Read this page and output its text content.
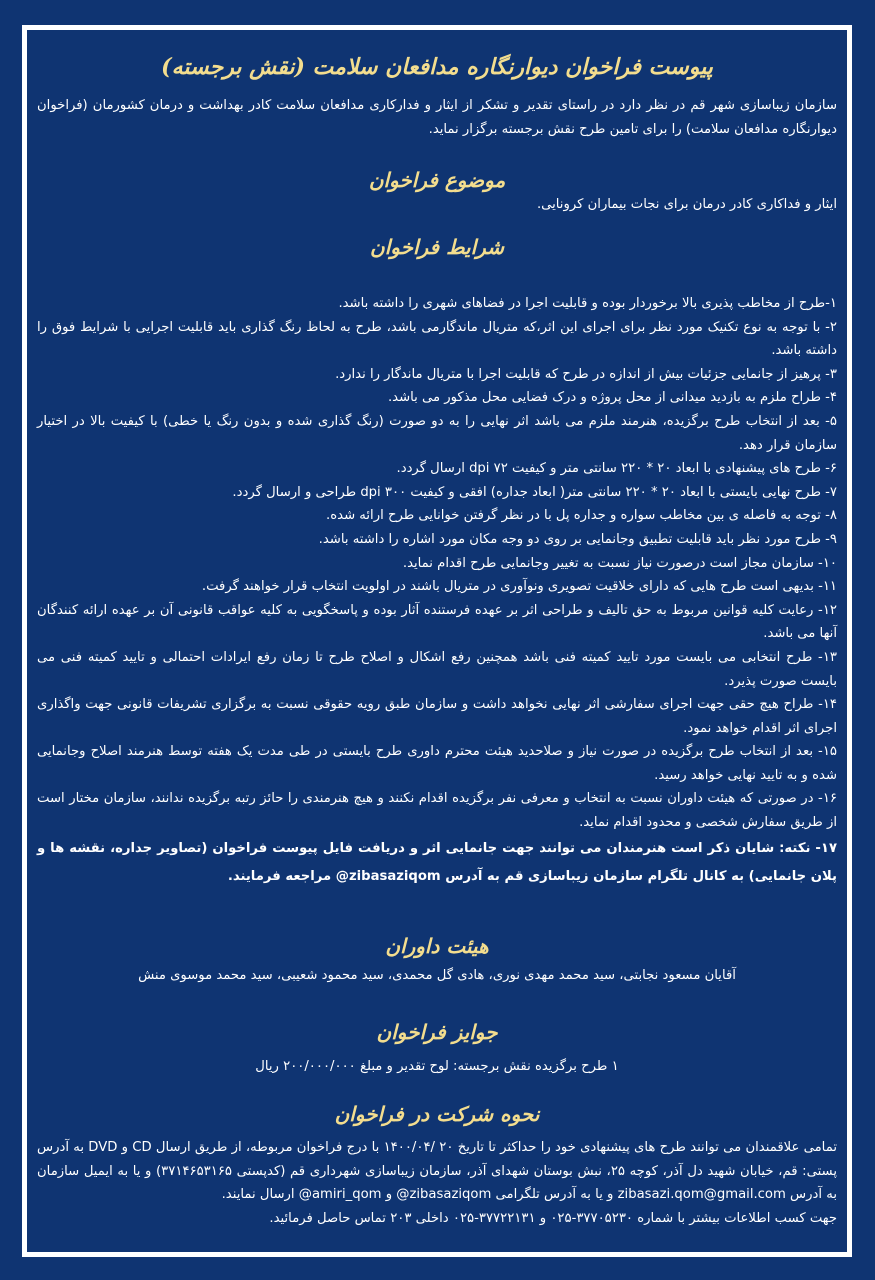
پیوست فراخوان دیوارنگاره مدافعان سلامت (نقش برجسته)

سازمان زیباسازی شهر قم در نظر دارد در راستای تقدیر و تشکر از ایثار و فدارکاری مدافعان سلامت کادر بهداشت و درمان کشورمان (فراخوان دیوارنگاره مدافعان سلامت) را برای تامین طرح نقش برجسته برگزار نماید.

موضوع فراخوان

ایثار و فداکاری کادر درمان برای نجات بیماران کرونایی.

شرایط فراخوان

۱-طرح از مخاطب پذیری بالا برخوردار بوده و قابلیت اجرا در فضاهای شهری را داشته باشد.

۲- با توجه به نوع تکنیک مورد نظر برای اجرای این اثر،که متریال ماندگارمی باشد، طرح به لحاظ رنگ گذاری باید قابلیت اجرایی با شرایط فوق را داشته باشد.

۳- پرهیز از جانمایی جزئیات بیش از اندازه در طرح که قابلیت اجرا با متریال ماندگار را ندارد.

۴- طراح ملزم به بازدید میدانی از محل پروژه و درک فضایی محل مذکور می باشد.

۵- بعد از انتخاب طرح برگزیده، هنرمند ملزم می باشد اثر نهایی را به دو صورت (رنگ گذاری شده و بدون رنگ یا خطی) با کیفیت بالا در اختیار سازمان قرار دهد.

۶- طرح های پیشنهادی با ابعاد ۲۰ * ۲۲۰ سانتی متر و کیفیت dpi ۷۲ ارسال گردد.

۷- طرح نهایی بایستی با ابعاد ۲۰ * ۲۲۰ سانتی متر( ابعاد جداره) افقی و کیفیت dpi ۳۰۰ طراحی و ارسال گردد.

۸- توجه به فاصله ی بین مخاطب سواره و جداره پل با در نظر گرفتن خوانایی طرح ارائه شده.

۹- طرح مورد نظر باید قابلیت تطبیق وجانمایی بر روی دو وجه مکان مورد اشاره را داشته باشد.

۱۰- سازمان مجاز است درصورت نیاز نسبت به تغییر وجانمایی طرح اقدام نماید.

۱۱- بدیهی است طرح هایی که دارای خلاقیت تصویری ونوآوری در متریال باشند در اولویت انتخاب قرار خواهند گرفت.

۱۲- رعایت کلیه قوانین مربوط به حق تالیف و طراحی اثر بر عهده فرستنده آثار بوده و پاسخگویی به کلیه عواقب قانونی آن بر عهده ارائه کنندگان آنها می باشد.

۱۳- طرح انتخابی می بایست مورد تایید کمیته فنی باشد همچنین رفع اشکال و اصلاح طرح تا زمان رفع ایرادات احتمالی و تایید کمیته فنی می بایست صورت پذیرد.

۱۴- طراح هیچ حقی جهت اجرای سفارشی اثر نهایی نخواهد داشت و سازمان طبق رویه حقوقی نسبت به برگزاری تشریفات قانونی جهت واگذاری اجرای اثر اقدام خواهد نمود.

۱۵- بعد از انتخاب طرح برگزیده در صورت نیاز و صلاحدید هیئت محترم داوری طرح بایستی در طی مدت یک هفته توسط هنرمند اصلاح وجانمایی شده و به تایید نهایی خواهد رسید.

۱۶- در صورتی که هیئت داوران نسبت به انتخاب و معرفی نفر برگزیده اقدام نکنند و هیچ هنرمندی را حائز رتبه برگزیده ندانند، سازمان مختار است از طریق سفارش شخصی و محدود اقدام نماید.

۱۷- نکته: شایان ذکر است هنرمندان می توانند جهت جانمایی اثر و دریافت فایل پیوست فراخوان (تصاویر جداره، نقشه ها و پلان جانمایی) به کانال تلگرام سازمان زیباسازی قم به آدرس zibasaziqom@ مراجعه فرمایند.

هیئت داوران

آقایان مسعود نجابتی، سید محمد مهدی نوری، هادی گل محمدی، سید محمود شعیبی، سید محمد موسوی منش

جوایز فراخوان

۱ طرح برگزیده نقش برجسته: لوح تقدیر و مبلغ ۲۰۰/۰۰۰/۰۰۰ ریال

نحوه شرکت در فراخوان

تمامی علاقمندان می توانند طرح های پیشنهادی خود را حداکثر تا تاریخ ۲۰ /۱۴۰۰/۰۴ با درج فراخوان مربوطه، از طریق ارسال CD و DVD به آدرس پستی: قم، خیابان شهید دل آذر، کوچه ۲۵، نبش بوستان شهدای آذر، سازمان زیباسازی شهرداری قم (کدپستی ۳۷۱۴۶۵۳۱۶۵) و یا به ایمیل سازمان به آدرس zibasazi.qom@gmail.com و یا به آدرس تلگرامی zibasaziqom@ و amiri_qom@ ارسال نمایند.

جهت کسب اطلاعات بیشتر با شماره ۳۷۷۰۵۲۳۰-۰۲۵ و ۳۷۷۲۲۱۳۱-۰۲۵ داخلی ۲۰۳ تماس حاصل فرمائید.
